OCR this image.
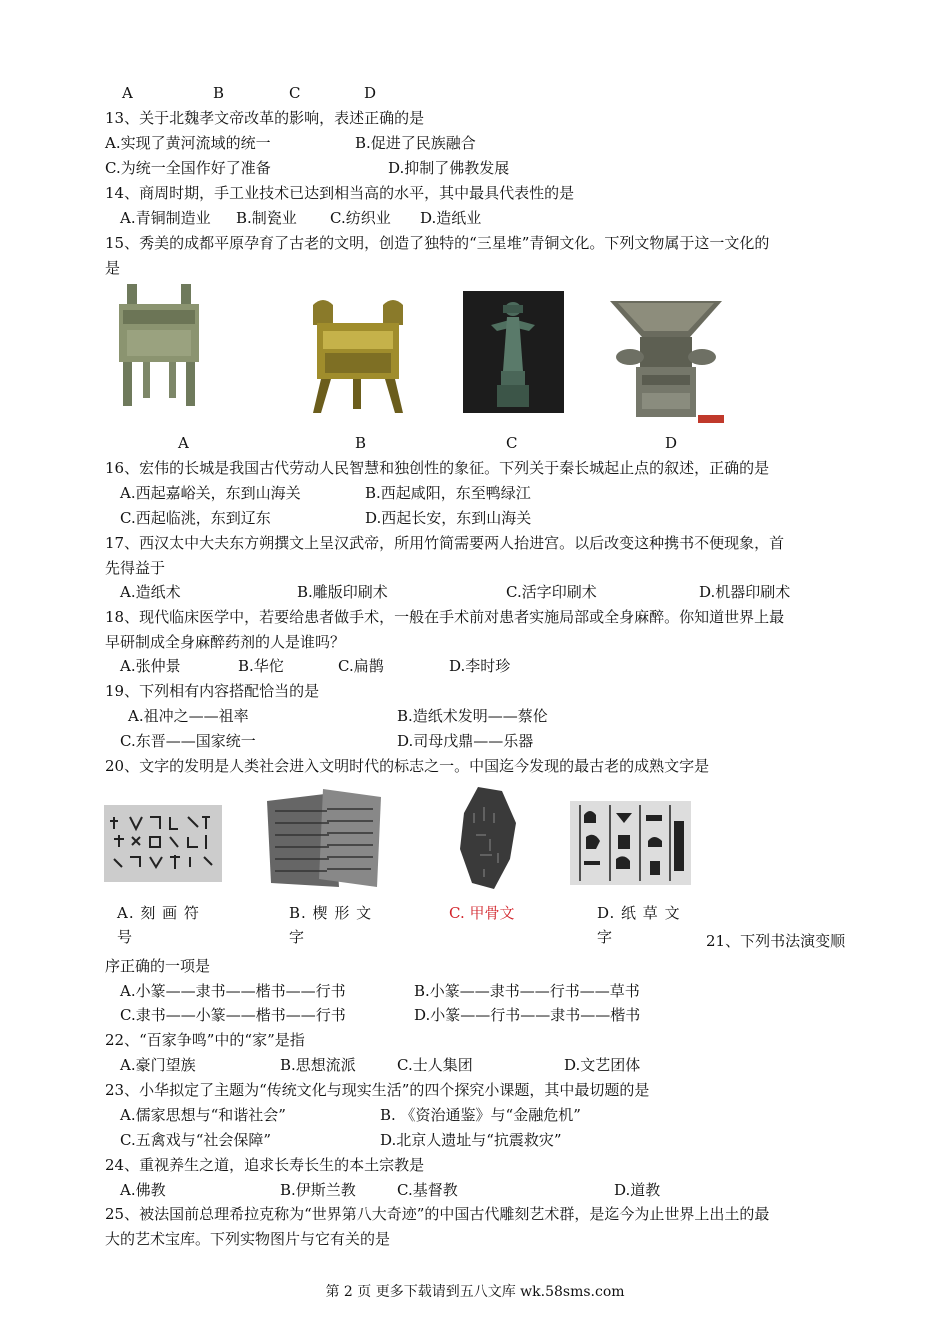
A	B	C	D
13、关于北魏孝文帝改革的影响，表述正确的是
A.实现了黄河流域的统一	B.促进了民族融合
C.为统一全国作好了准备	D.抑制了佛教发展
14、商周时期，手工业技术已达到相当高的水平，其中最具代表性的是
A.青铜制造业 B.制瓷业 C.纺织业 D.造纸业
15、秀美的成都平原孕育了古老的文明，创造了独特的“三星堆”青铜文化。下列文物属于这一文化的
是
A	B	C	D
16、宏伟的长城是我国古代劳动人民智慧和独创性的象征。下列关于秦长城起止点的叙述，正确的是
A.西起嘉峪关，东到山海关	B.西起咸阳，东至鸭绿江
C.西起临洮，东到辽东	D.西起长安，东到山海关
17、西汉太中大夫东方朔撰文上呈汉武帝，所用竹简需要两人抬进宫。以后改变这种携书不便现象，首
先得益于
A.造纸术	B.雕版印刷术	C.活字印刷术	D.机器印刷术
18、现代临床医学中，若要给患者做手术，一般在手术前对患者实施局部或全身麻醉。你知道世界上最
早研制成全身麻醉药剂的人是谁吗？
A.张仲景	B.华佗	C.扁鹊	D.李时珍
19、下列相有内容搭配恰当的是
A.祖冲之——祖率	B.造纸术发明——蔡伦
C.东晋——国家统一	D.司母戊鼎——乐器
20、文字的发明是人类社会进入文明时代的标志之一。中国迄今发现的最古老的成熟文字是
A. 刻 画 符
号
B. 楔 形 文
字
C. 甲骨文	D. 纸 草 文
字	21、下列书法演变顺
序正确的一项是
A.小篆——隶书——楷书——行书	B.小篆——隶书——行书——草书
C.隶书——小篆——楷书——行书	D.小篆——行书——隶书——楷书
22、“百家争鸣”中的“家”是指
A.豪门望族	B.思想流派	C.士人集团	D.文艺团体
23、小华拟定了主题为“传统文化与现实生活”的四个探究小课题，其中最切题的是
A.儒家思想与“和谐社会”	B. 《资治通鉴》与“金融危机”
C.五禽戏与“社会保障”	D.北京人遗址与“抗震救灾”
24、重视养生之道，追求长寿长生的本土宗教是
A.佛教	B.伊斯兰教	C.基督教	D.道教
25、被法国前总理希拉克称为“世界第八大奇迹”的中国古代雕刻艺术群，是迄今为止世界上出土的最
大的艺术宝库。下列实物图片与它有关的是
第 2 页 更多下载请到五八文库 wk.58sms.com
